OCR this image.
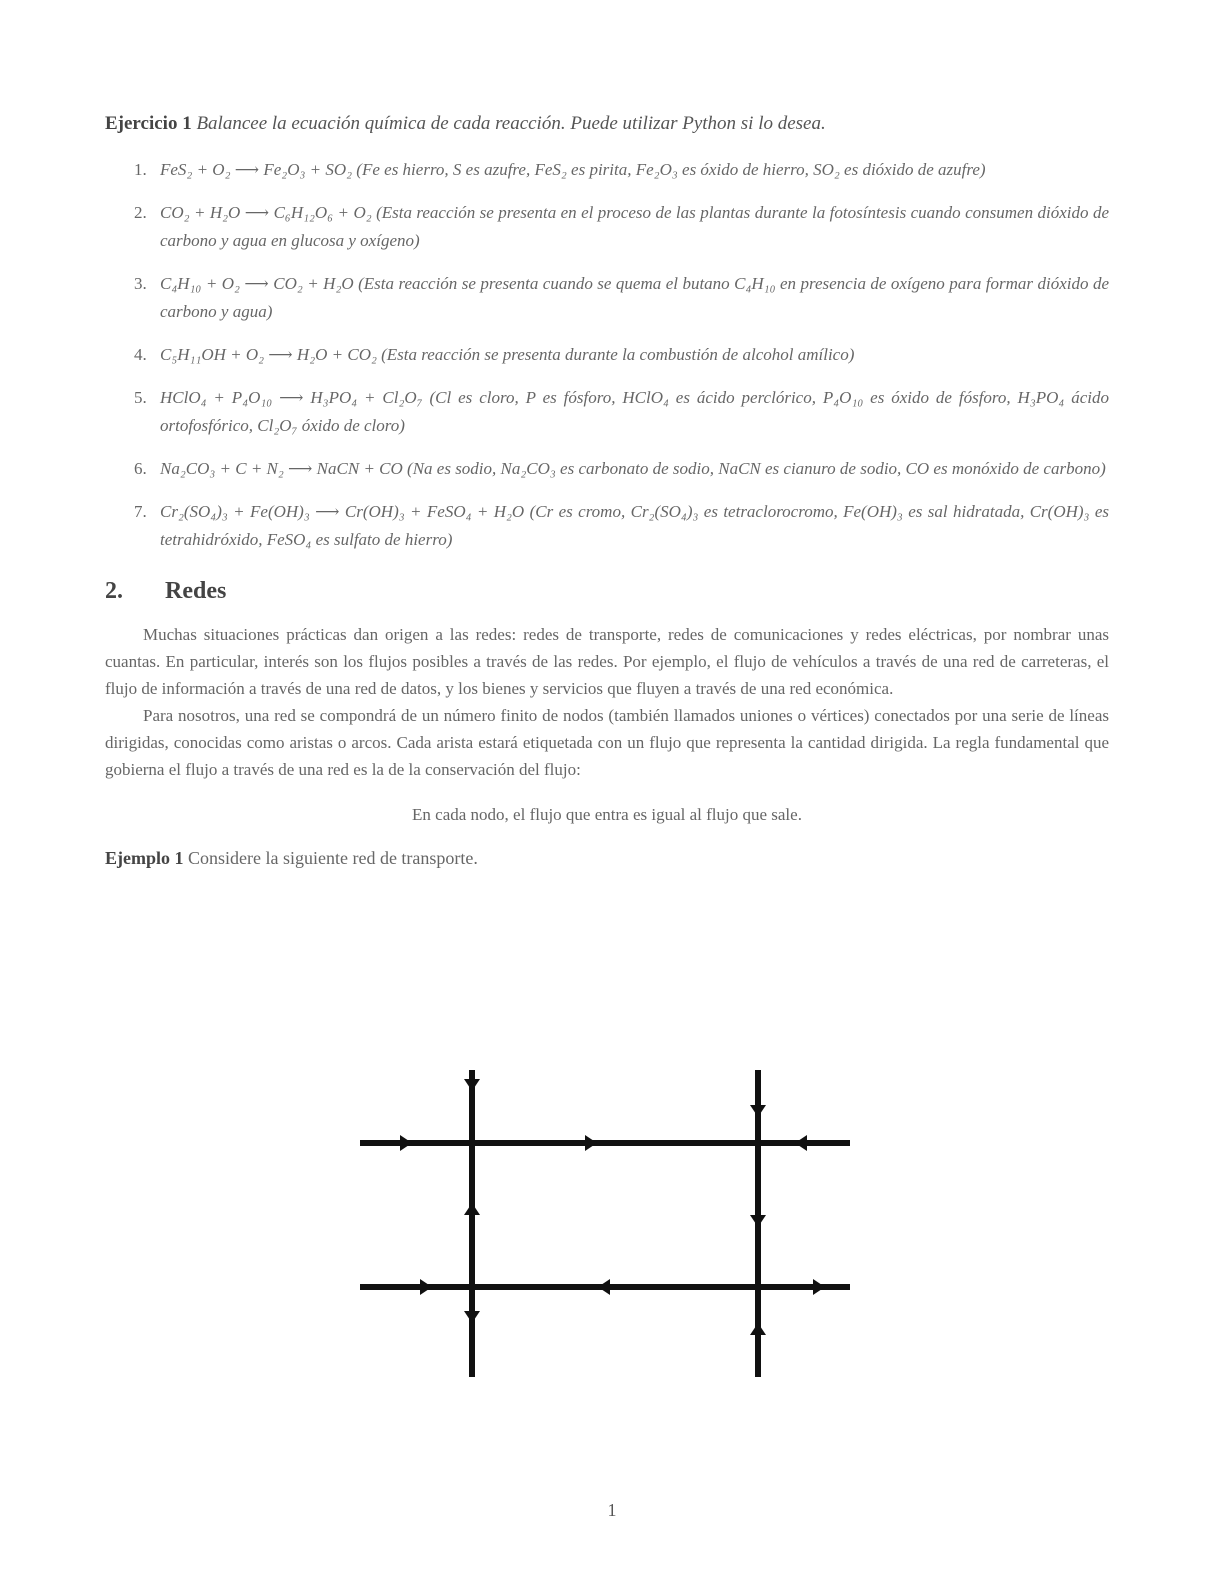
Ejercicio 1 Balancee la ecuación química de cada reacción. Puede utilizar Python si lo desea.

1. FeS₂ + O₂ ⟶ Fe₂O₃ + SO₂ (Fe es hierro, S es azufre, FeS₂ es pirita, Fe₂O₃ es óxido de hierro, SO₂ es dióxido de azufre)
2. CO₂ + H₂O ⟶ C₆H₁₂O₆ + O₂ (Esta reacción se presenta en el proceso de las plantas durante la fotosíntesis cuando consumen dióxido de carbono y agua en glucosa y oxígeno)
3. C₄H₁₀ + O₂ ⟶ CO₂ + H₂O (Esta reacción se presenta cuando se quema el butano C₄H₁₀ en presencia de oxígeno para formar dióxido de carbono y agua)
4. C₅H₁₁OH + O₂ ⟶ H₂O + CO₂ (Esta reacción se presenta durante la combustión de alcohol amílico)
5. HClO₄ + P₄O₁₀ ⟶ H₃PO₄ + Cl₂O₇ (Cl es cloro, P es fósforo, HClO₄ es ácido perclórico, P₄O₁₀ es óxido de fósforo, H₃PO₄ ácido ortofosfórico, Cl₂O₇ óxido de cloro)
6. Na₂CO₃ + C + N₂ ⟶ NaCN + CO (Na es sodio, Na₂CO₃ es carbonato de sodio, NaCN es cianuro de sodio, CO es monóxido de carbono)
7. Cr₂(SO₄)₃ + Fe(OH)₃ ⟶ Cr(OH)₃ + FeSO₄ + H₂O (Cr es cromo, Cr₂(SO₄)₃ es tetraclorocromo, Fe(OH)₃ es sal hidratada, Cr(OH)₃ es tetrahidróxido, FeSO₄ es sulfato de hierro)
2. Redes

Muchas situaciones prácticas dan origen a las redes: redes de transporte, redes de comunicaciones y redes eléctricas, por nombrar unas cuantas. En particular, interés son los flujos posibles a través de las redes. Por ejemplo, el flujo de vehículos a través de una red de carreteras, el flujo de información a través de una red de datos, y los bienes y servicios que fluyen a través de una red económica.

Para nosotros, una red se compondrá de un número finito de nodos (también llamados uniones o vértices) conectados por una serie de líneas dirigidas, conocidas como aristas o arcos. Cada arista estará etiquetada con un flujo que representa la cantidad dirigida. La regla fundamental que gobierna el flujo a través de una red es la de la conservación del flujo:

En cada nodo, el flujo que entra es igual al flujo que sale.

Ejemplo 1 Considere la siguiente red de transporte.

1
